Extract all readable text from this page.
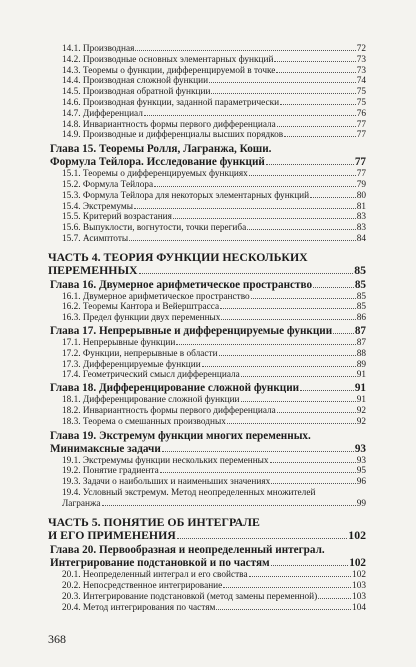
14.1. Производная	72
14.2. Производные основных элементарных функций	73
14.3. Теоремы о функции, дифференцируемой в точке	73
14.4. Производная сложной функции	74
14.5. Производная обратной функции	75
14.6. Производная функции, заданной параметрически	75
14.7. Дифференциал	76
14.8. Инвариантность формы первого дифференциала	77
14.9. Производные и дифференциалы высших порядков	77
Глава 15. Теоремы Ролля, Лагранжа, Коши.
Формула Тейлора. Исследование функций	77
15.1. Теоремы о дифференцируемых функциях	77
15.2. Формула Тейлора	79
15.3. Формула Тейлора для некоторых элементарных функций	80
15.4. Экстремумы	81
15.5. Критерий возрастания	83
15.6. Выпуклости, вогнутости, точки перегиба	83
15.7. Асимптоты	84
ЧАСТЬ 4. ТЕОРИЯ ФУНКЦИИ НЕСКОЛЬКИХ
ПЕРЕМЕННЫХ	85
Глава 16. Двумерное арифметическое пространство	85
16.1. Двумерное арифметическое пространство	85
16.2. Теоремы Кантора и Вейерштрасса	85
16.3. Предел функции двух переменных	86
Глава 17. Непрерывные и дифференцируемые функции 87
17.1. Непрерывные функции	87
17.2. Функции, непрерывные в области	88
17.3. Дифференцируемые функции	89
17.4. Геометрический смысл дифференциала	91
Глава 18. Дифференцирование сложной функции	91
18.1. Дифференцирование сложной функции	91
18.2. Инвариантность формы первого дифференциала	92
18.3. Теорема о смешанных производных	92
Глава 19. Экстремум функции многих переменных.
Минимаксные задачи	93
19.1. Экстремумы функции нескольких переменных	93
19.2. Понятие градиента	95
19.3. Задачи о наибольших и наименьших значениях	96
19.4. Условный экстремум. Метод неопределенных множителей
Лагранжа	99
ЧАСТЬ 5. ПОНЯТИЕ ОБ ИНТЕГРАЛЕ
И ЕГО ПРИМЕНЕНИЯ	102
Глава 20. Первообразная и неопределенный интеграл.
Интегрирование подстановкой и по частям	102
20.1. Неопределенный интеграл и его свойства	102
20.2. Непосредственное интегрирование	103
20.3. Интегрирование подстановкой (метод замены переменной)	103
20.4. Метод интегрирования по частям	104
368
